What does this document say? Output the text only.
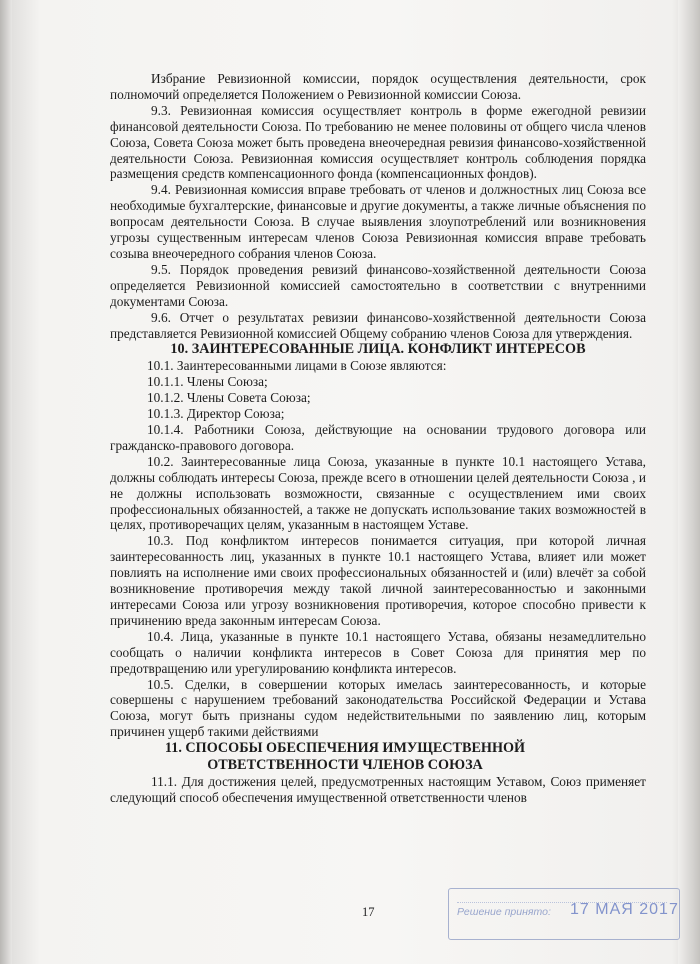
Избрание Ревизионной комиссии, порядок осуществления деятельности, срок полномочий определяется Положением о Ревизионной комиссии Союза.

9.3. Ревизионная комиссия осуществляет контроль в форме ежегодной ревизии финансовой деятельности Союза. По требованию не менее половины от общего числа членов Союза, Совета Союза может быть проведена внеочередная ревизия финансово-хозяйственной деятельности Союза. Ревизионная комиссия осуществляет контроль соблюдения порядка размещения средств компенсационного фонда (компенсационных фондов).

9.4. Ревизионная комиссия вправе требовать от членов и должностных лиц Союза все необходимые бухгалтерские, финансовые и другие документы, а также личные объяснения по вопросам деятельности Союза. В случае выявления злоупотреблений или возникновения угрозы существенным интересам членов Союза Ревизионная комиссия вправе требовать созыва внеочередного собрания членов Союза.

9.5. Порядок проведения ревизий финансово-хозяйственной деятельности Союза определяется Ревизионной комиссией самостоятельно в соответствии с внутренними документами Союза.

9.6. Отчет о результатах ревизии финансово-хозяйственной деятельности Союза представляется Ревизионной комиссией Общему собранию членов Союза для утверждения.

10. ЗАИНТЕРЕСОВАННЫЕ ЛИЦА. КОНФЛИКТ ИНТЕРЕСОВ

10.1. Заинтересованными лицами в Союзе являются:

10.1.1. Члены Союза;

10.1.2. Члены Совета Союза;

10.1.3. Директор Союза;

10.1.4. Работники Союза, действующие на основании трудового договора или гражданско-правового договора.

10.2. Заинтересованные лица Союза, указанные в пункте 10.1 настоящего Устава, должны соблюдать интересы Союза, прежде всего в отношении целей деятельности Союза , и не должны использовать возможности, связанные с осуществлением ими своих профессиональных обязанностей, а также не допускать использование таких возможностей в целях, противоречащих целям, указанным в настоящем Уставе.

10.3. Под конфликтом интересов понимается ситуация, при которой личная заинтересованность лиц, указанных в пункте 10.1 настоящего Устава, влияет или может повлиять на исполнение ими своих профессиональных обязанностей и (или) влечёт за собой возникновение противоречия между такой личной заинтересованностью и законными интересами Союза или угрозу возникновения противоречия, которое способно привести к причинению вреда законным интересам Союза.

10.4. Лица, указанные в пункте 10.1 настоящего Устава, обязаны незамедлительно сообщать о наличии конфликта интересов в Совет Союза для принятия мер по предотвращению или урегулированию конфликта интересов.

10.5. Сделки, в совершении которых имелась заинтересованность, и которые совершены с нарушением требований законодательства Российской Федерации и Устава Союза, могут быть признаны судом недействительными по заявлению лиц, которым причинен ущерб такими действиями

11. СПОСОБЫ ОБЕСПЕЧЕНИЯ ИМУЩЕСТВЕННОЙ ОТВЕТСТВЕННОСТИ ЧЛЕНОВ СОЮЗА

11.1. Для достижения целей, предусмотренных настоящим Уставом, Союз применяет следующий способ обеспечения имущественной ответственности членов

17	Решение принято: 17 МАЯ 2017
